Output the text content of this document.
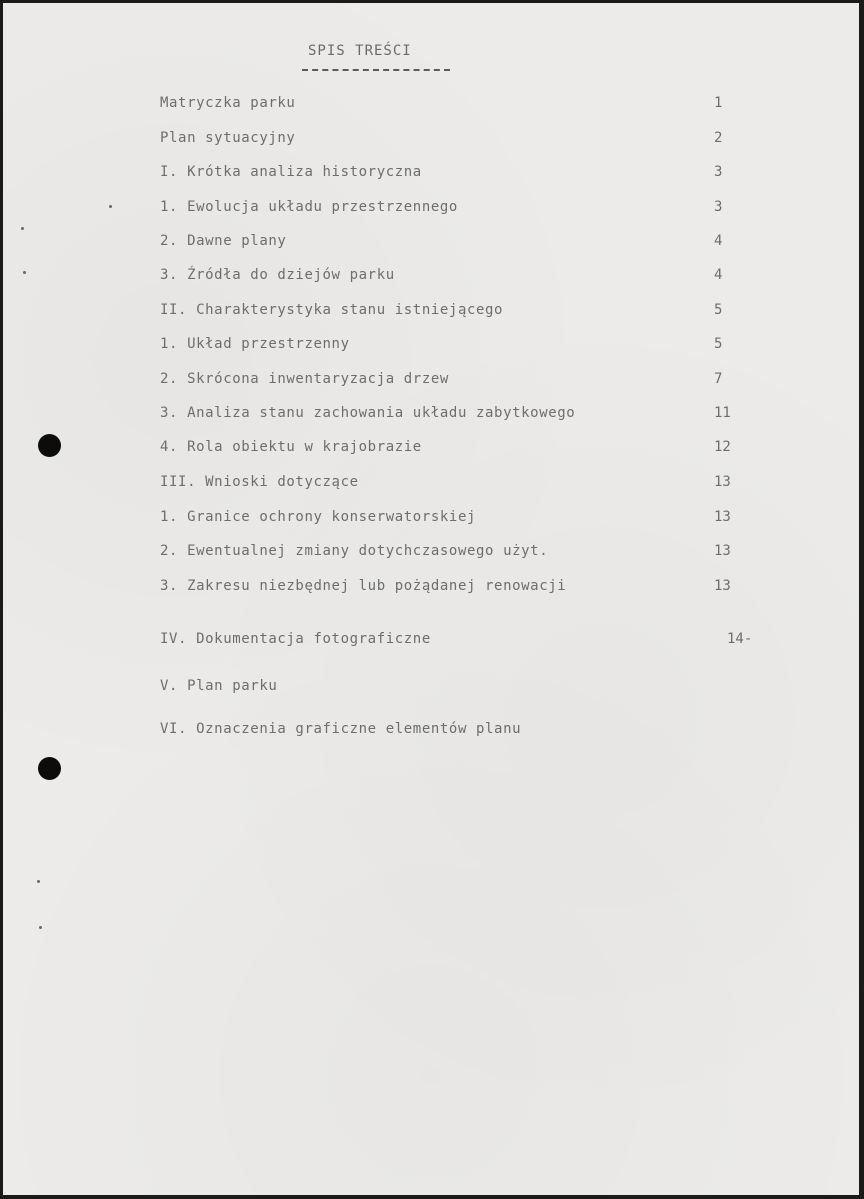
SPIS TREŚCI
Matryczka parku	1
Plan sytuacyjny	2
I. Krótka analiza historyczna	3
1. Ewolucja układu przestrzennego	3
2. Dawne plany	4
3. Źródła do dziejów parku	4
II. Charakterystyka stanu istniejącego	5
1. Układ przestrzenny	5
2. Skrócona inwentaryzacja drzew	7
3. Analiza stanu zachowania układu zabytkowego	11
4. Rola obiektu w krajobrazie	12
III. Wnioski dotyczące	13
1. Granice ochrony konserwatorskiej	13
2. Ewentualnej zmiany dotychczasowego użyt.	13
3. Zakresu niezbędnej lub pożądanej renowacji	13
IV. Dokumentacja fotograficzne	14-
V. Plan parku
VI. Oznaczenia graficzne elementów planu
